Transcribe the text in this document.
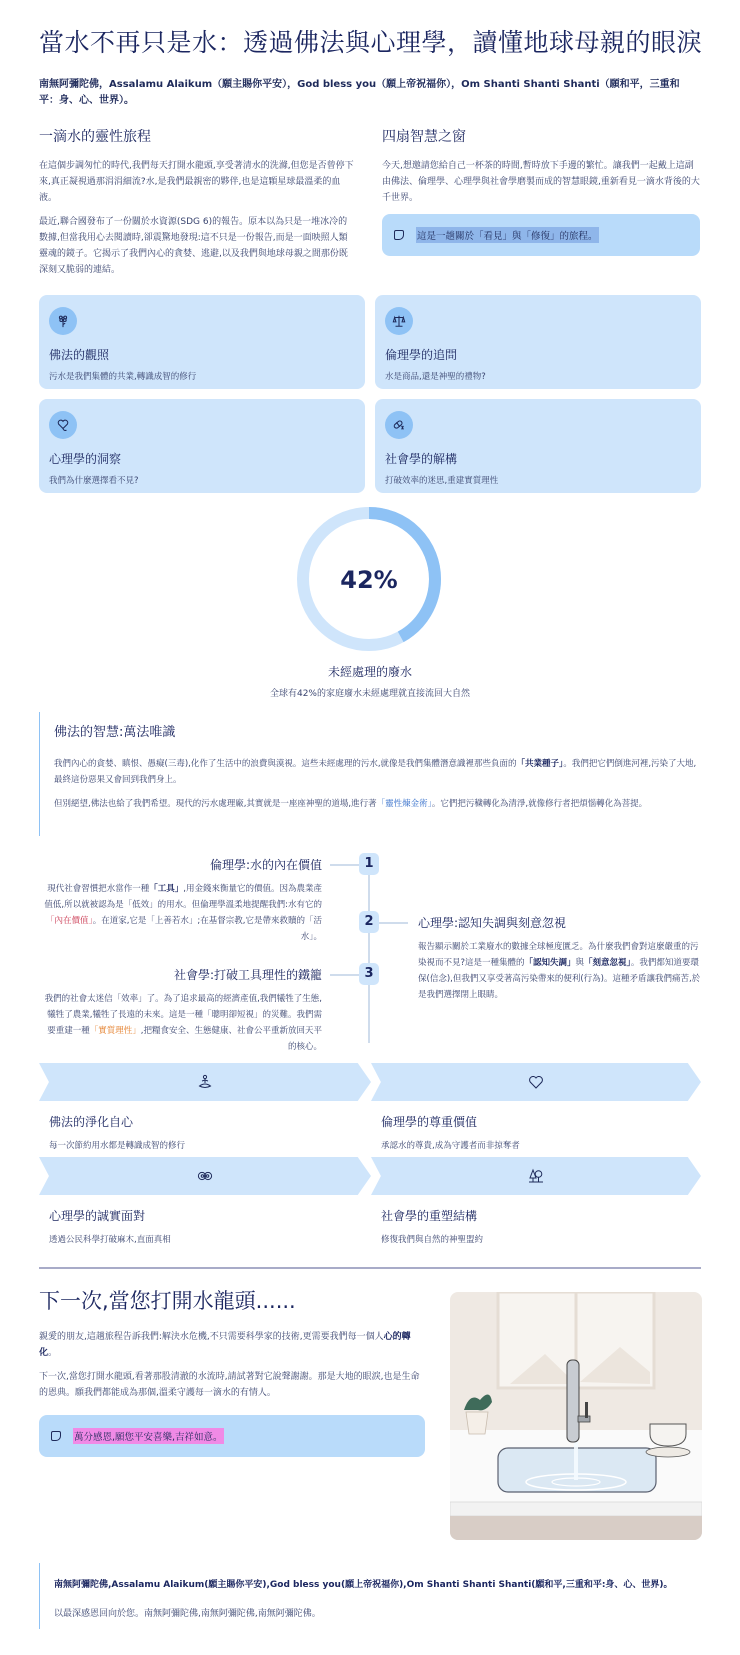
當水不再只是水：透過佛法與心理學，讀懂地球母親的眼淚

南無阿彌陀佛，Assalamu Alaikum（願主賜你平安），God bless you（願上帝祝福你），Om Shanti Shanti Shanti（願和平，三重和平：身、心、世界）。

一滴水的靈性旅程

在這個步調匆忙的時代,我們每天打開水龍頭,享受著清水的洗滌,但您是否曾停下來,真正凝視過那涓涓細流?水,是我們最親密的夥伴,也是這顆星球最溫柔的血液。

最近,聯合國發布了一份關於水資源(SDG 6)的報告。原本以為只是一堆冰冷的數據,但當我用心去閱讀時,卻震驚地發現:這不只是一份報告,而是一面映照人類靈魂的鏡子。它揭示了我們內心的貪婪、逃避,以及我們與地球母親之間那份既深刻又脆弱的連結。

四扇智慧之窗

今天,想邀請您給自己一杯茶的時間,暫時放下手邊的繁忙。讓我們一起戴上這副由佛法、倫理學、心理學與社會學磨製而成的智慧眼鏡,重新看見一滴水背後的大千世界。

這是一趟關於「看見」與「修復」的旅程。
佛法的觀照
污水是我們集體的共業,轉識成智的修行
倫理學的追問
水是商品,還是神聖的禮物?
心理學的洞察
我們為什麼選擇看不見?
社會學的解構
打破效率的迷思,重建實質理性
42%
未經處理的廢水
全球有42%的家庭廢水未經處理就直接流回大自然
佛法的智慧:萬法唯識

我們內心的貪婪、瞋恨、愚癡(三毒),化作了生活中的浪費與漠視。這些未經處理的污水,就像是我們集體潛意識裡那些負面的「共業種子」。我們把它們倒進河裡,污染了大地,最終這份惡果又會回到我們身上。

但別絕望,佛法也給了我們希望。現代的污水處理廠,其實就是一座座神聖的道場,進行著「靈性煉金術」。它們把污穢轉化為清淨,就像修行者把煩惱轉化為菩提。

1
2
3
倫理學:水的內在價值
現代社會習慣把水當作一種「工具」,用金錢來衡量它的價值。因為農業產值低,所以就被認為是「低效」的用水。但倫理學溫柔地提醒我們:水有它的「內在價值」。在道家,它是「上善若水」;在基督宗教,它是帶來救贖的「活水」。
心理學:認知失調與刻意忽視
報告顯示關於工業廢水的數據全球極度匱乏。為什麼我們會對這麼嚴重的污染視而不見?這是一種集體的「認知失調」與「刻意忽視」。我們都知道要環保(信念),但我們又享受著高污染帶來的便利(行為)。這種矛盾讓我們痛苦,於是我們選擇閉上眼睛。
社會學:打破工具理性的鐵籠
我們的社會太迷信「效率」了。為了追求最高的經濟產值,我們犧牲了生態,犧牲了農業,犧牲了長遠的未來。這是一種「聰明卻短視」的災難。我們需要重建一種「實質理性」,把糧食安全、生態健康、社會公平重新放回天平的核心。
佛法的淨化自心
每一次節約用水都是轉識成智的修行
倫理學的尊重價值
承認水的尊貴,成為守護者而非掠奪者
心理學的誠實面對
透過公民科學打破麻木,直面真相
社會學的重塑結構
修復我們與自然的神聖盟約
下一次,當您打開水龍頭......

親愛的朋友,這趟旅程告訴我們:解決水危機,不只需要科學家的技術,更需要我們每一個人心的轉化。

下一次,當您打開水龍頭,看著那股清澈的水流時,請試著對它說聲謝謝。那是大地的眼淚,也是生命的恩典。願我們都能成為那個,溫柔守護每一滴水的有情人。

萬分感恩,願您平安喜樂,吉祥如意。
南無阿彌陀佛,Assalamu Alaikum(願主賜你平安),God bless you(願上帝祝福你),Om Shanti Shanti Shanti(願和平,三重和平:身、心、世界)。
以最深感恩回向於您。南無阿彌陀佛,南無阿彌陀佛,南無阿彌陀佛。
